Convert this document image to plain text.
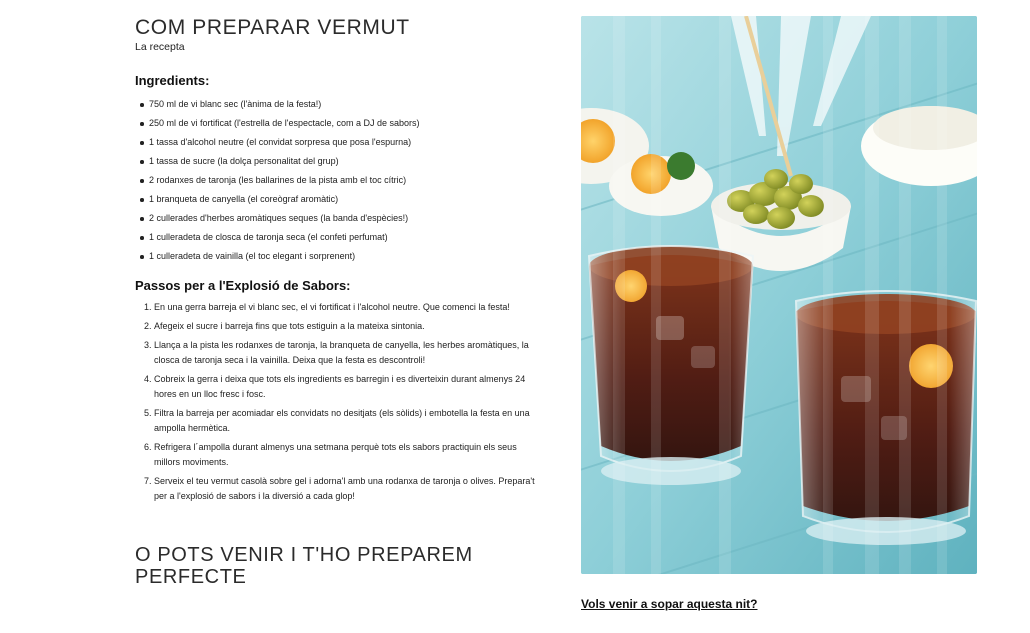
COM PREPARAR VERMUT

La recepta

Ingredients:
750 ml de vi blanc sec (l'ànima de la festa!)
250 ml de vi fortificat (l'estrella de l'espectacle, com a DJ de sabors)
1 tassa d'alcohol neutre (el convidat sorpresa que posa l'espurna)
1 tassa de sucre (la dolça personalitat del grup)
2 rodanxes de taronja (les ballarines de la pista amb el toc cítric)
1 branqueta de canyella (el coreògraf aromàtic)
2 cullerades d'herbes aromàtiques seques (la banda d'espècies!)
1 culleradeta de closca de taronja seca (el confeti perfumat)
1 culleradeta de vainilla (el toc elegant i sorprenent)
Passos per a l'Explosió de Sabors:
1. En una gerra barreja el vi blanc sec, el vi fortificat i l'alcohol neutre. Que comenci la festa!
2. Afegeix el sucre i barreja fins que tots estiguin a la mateixa sintonia.
3. Llança a la pista les rodanxes de taronja, la branqueta de canyella, les herbes aromàtiques, la closca de taronja seca i la vainilla. Deixa que la festa es descontroli!
4. Cobreix la gerra i deixa que tots els ingredients es barregin i es diverteixin durant almenys 24 hores en un lloc fresc i fosc.
5. Filtra la barreja per acomiadar els convidats no desitjats (els sòlids) i embotella la festa en una ampolla hermètica.
6. Refrigera l´ampolla durant almenys una setmana perquè tots els sabors practiquin els seus millors moviments.
7. Serveix el teu vermut casolà sobre gel i adorna'l amb una rodanxa de taronja o olives. Prepara't per a l'explosió de sabors i la diversió a cada glop!
O POTS VENIR I T'HO PREPAREM PERFECTE
Vols venir a sopar aquesta nit?
